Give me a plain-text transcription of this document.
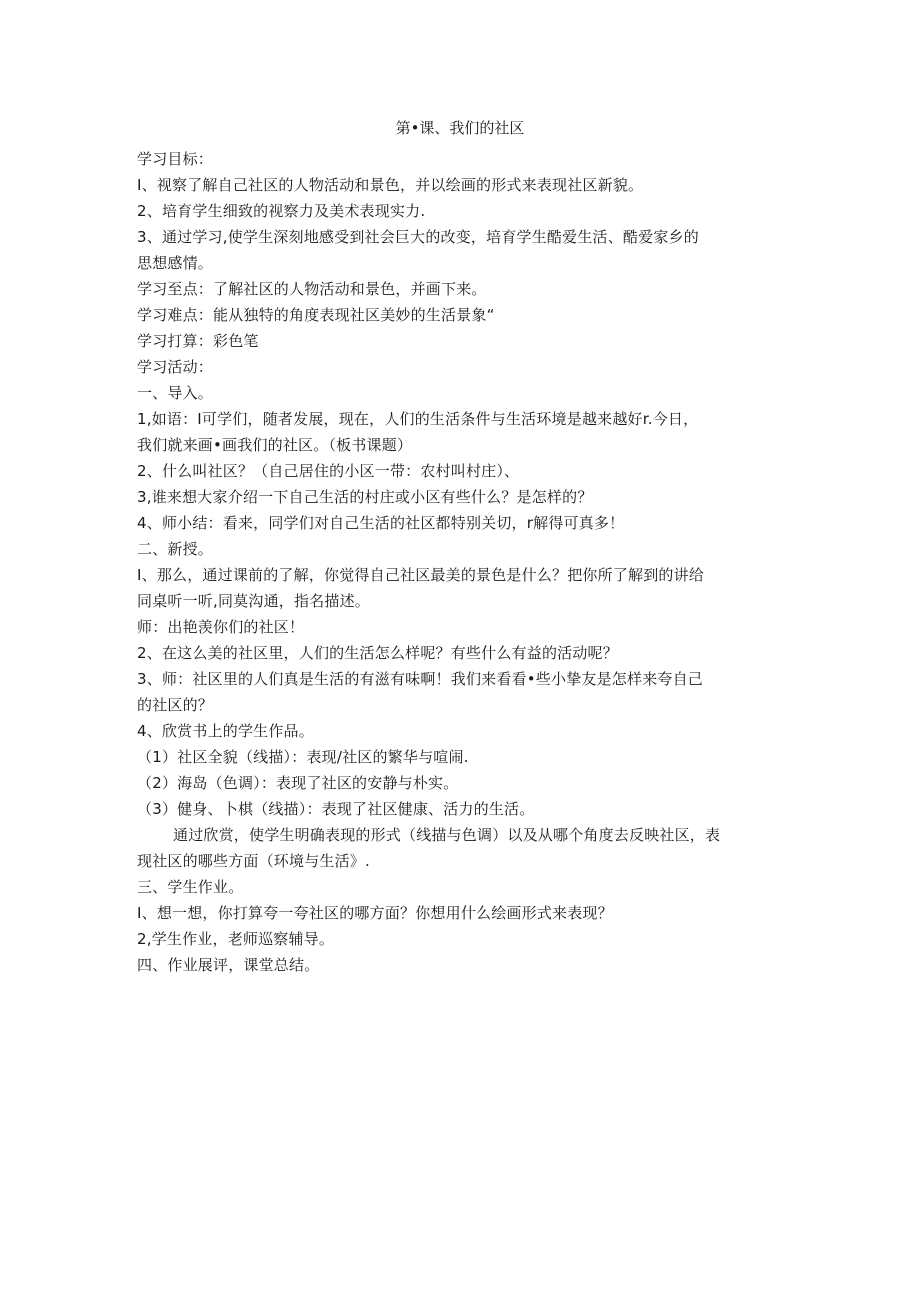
第•课、我们的社区
学习目标：
I、视察了解自己社区的人物活动和景色，并以绘画的形式来表现社区新貌。
2、培育学生细致的视察力及美术表现实力.
3、通过学习,使学生深刻地感受到社会巨大的改变，培育学生酷爱生活、酷爱家乡的
思想感情。
学习至点：了解社区的人物活动和景色，并画下来。
学习难点：能从独特的角度表现社区美妙的生活景象“
学习打算：彩色笔
学习活动：
一、导入。
1,如语：I可学们，随者发展，现在，人们的生活条件与生活环境是越来越好r.今日，
我们就来画•画我们的社区。（板书课题）
2、什么叫社区？（自己居住的小区一带：农村叫村庄）、
3,谁来想大家介绍一下自己生活的村庄或小区有些什么？是怎样的？
4、师小结：看来，同学们对自己生活的社区都特别关切，r解得可真多！
二、新授。
I、那么，通过课前的了解，你觉得自己社区最美的景色是什么？把你所了解到的讲给
同桌听一听,同莫沟通，指名描述。
师：出艳羡你们的社区！
2、在这么美的社区里，人们的生活怎么样呢？有些什么有益的活动呢？
3、师：社区里的人们真是生活的有滋有味啊！我们来看看•些小挚友是怎样来夸自己
的社区的？
4、欣赏书上的学生作品。
（1）社区全貌（线描）：表现/社区的繁华与喧闹.
（2）海岛（色调）：表现了社区的安静与朴实。
（3）健身、卜棋（线描）：表现了社区健康、活力的生活。
通过欣赏，使学生明确表现的形式（线描与色调）以及从哪个角度去反映社区，表
现社区的哪些方面（环境与生活》.
三、学生作业。
I、想一想，你打算夸一夸社区的哪方面？你想用什么绘画形式来表现？
2,学生作业，老师巡察辅导。
四、作业展评，课堂总结。
